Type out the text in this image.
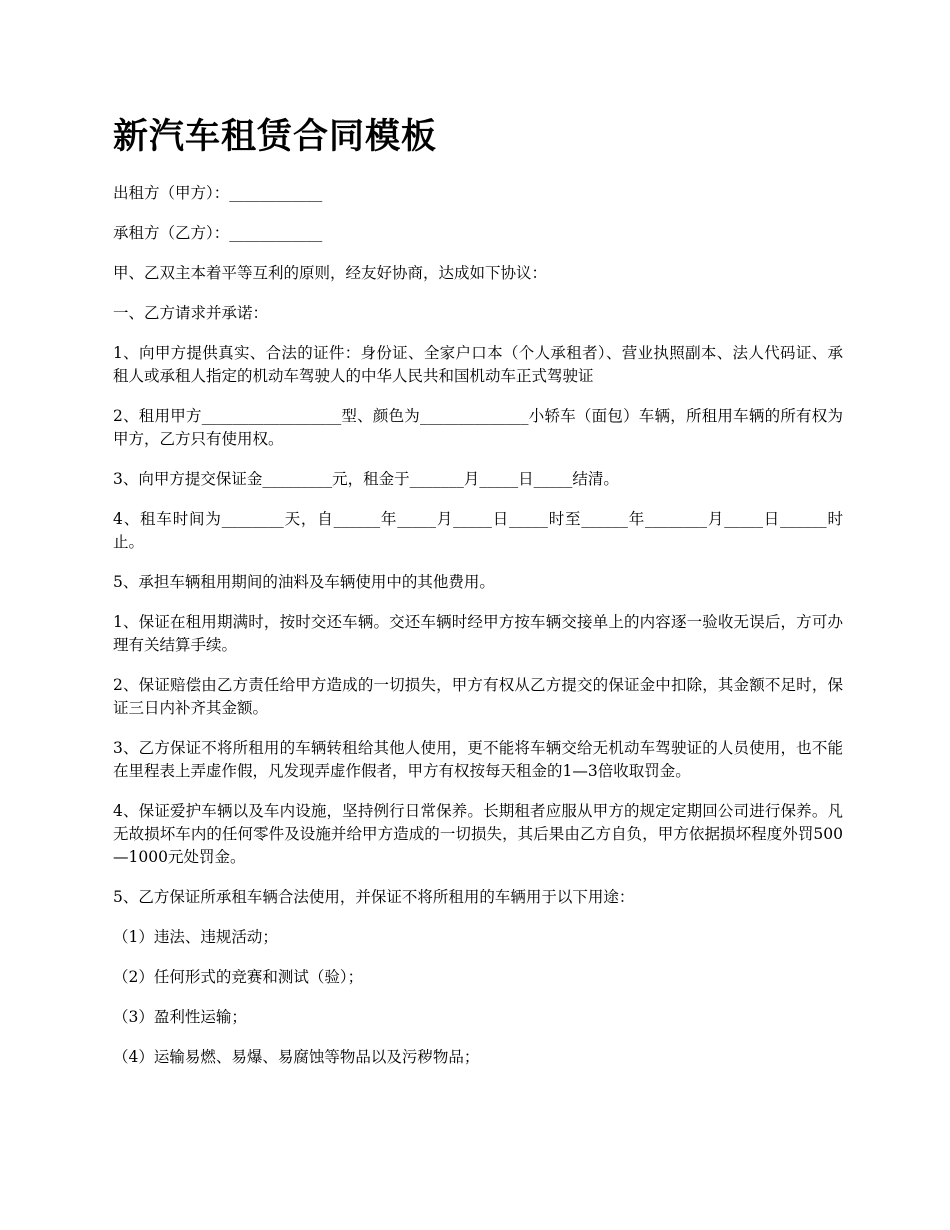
新汽车租赁合同模板

出租方（甲方）：____________

承租方（乙方）：____________

甲、乙双主本着平等互利的原则，经友好协商，达成如下协议：

一、乙方请求并承诺：

1、向甲方提供真实、合法的证件：身份证、全家户口本（个人承租者）、营业执照副本、法人代码证、承租人或承租人指定的机动车驾驶人的中华人民共和国机动车正式驾驶证

2、租用甲方__________________型、颜色为______________小轿车（面包）车辆，所租用车辆的所有权为甲方，乙方只有使用权。

3、向甲方提交保证金_________元，租金于_______月_____日_____结清。

4、租车时间为________天，自______年_____月_____日_____时至______年________月_____日______时止。

5、承担车辆租用期间的油料及车辆使用中的其他费用。

1、保证在租用期满时，按时交还车辆。交还车辆时经甲方按车辆交接单上的内容逐一验收无误后，方可办理有关结算手续。

2、保证赔偿由乙方责任给甲方造成的一切损失，甲方有权从乙方提交的保证金中扣除，其金额不足时，保证三日内补齐其金额。

3、乙方保证不将所租用的车辆转租给其他人使用，更不能将车辆交给无机动车驾驶证的人员使用，也不能在里程表上弄虚作假，凡发现弄虚作假者，甲方有权按每天租金的1—3倍收取罚金。

4、保证爱护车辆以及车内设施，坚持例行日常保养。长期租者应服从甲方的规定定期回公司进行保养。凡无故损坏车内的任何零件及设施并给甲方造成的一切损失，其后果由乙方自负，甲方依据损坏程度外罚500—1000元处罚金。

5、乙方保证所承租车辆合法使用，并保证不将所租用的车辆用于以下用途：

（1）违法、违规活动；

（2）任何形式的竞赛和测试（验）；

（3）盈利性运输；

（4）运输易燃、易爆、易腐蚀等物品以及污秽物品；
